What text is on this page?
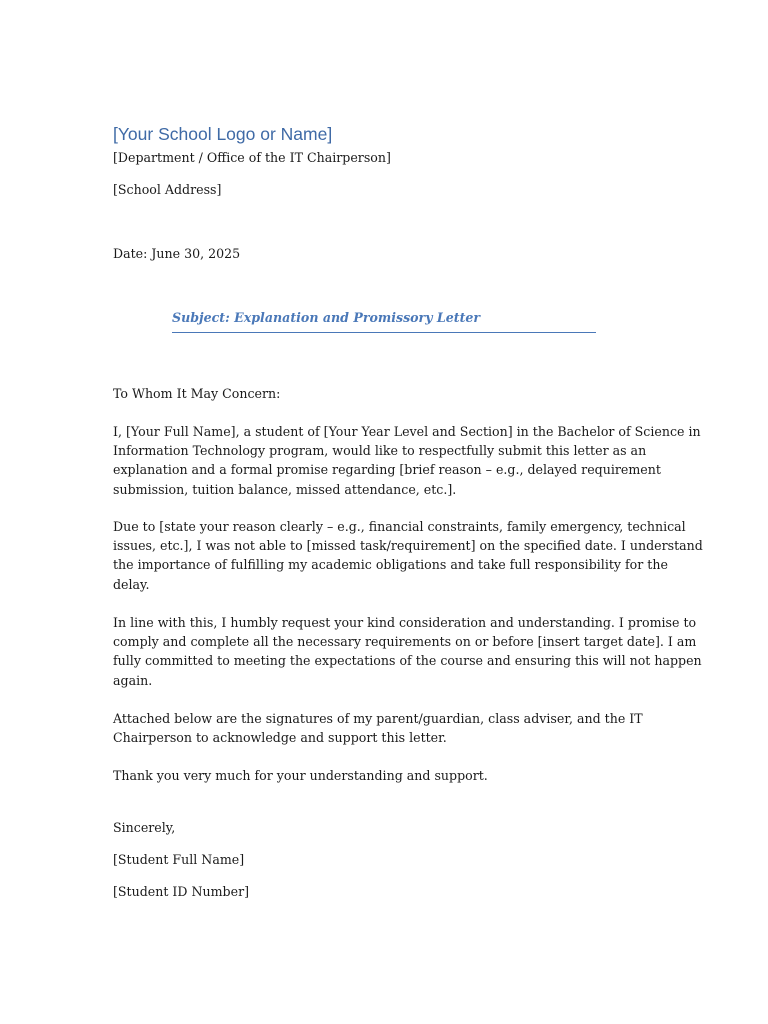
[Your School Logo or Name]
[Department / Office of the IT Chairperson]
[School Address]
Date: June 30, 2025
Subject: Explanation and Promissory Letter
To Whom It May Concern:
I, [Your Full Name], a student of [Your Year Level and Section] in the Bachelor of Science in
Information Technology program, would like to respectfully submit this letter as an
explanation and a formal promise regarding [brief reason – e.g., delayed requirement
submission, tuition balance, missed attendance, etc.].
Due to [state your reason clearly – e.g., financial constraints, family emergency, technical
issues, etc.], I was not able to [missed task/requirement] on the specified date. I understand
the importance of fulfilling my academic obligations and take full responsibility for the
delay.
In line with this, I humbly request your kind consideration and understanding. I promise to
comply and complete all the necessary requirements on or before [insert target date]. I am
fully committed to meeting the expectations of the course and ensuring this will not happen
again.
Attached below are the signatures of my parent/guardian, class adviser, and the IT
Chairperson to acknowledge and support this letter.
Thank you very much for your understanding and support.
Sincerely,
[Student Full Name]
[Student ID Number]
